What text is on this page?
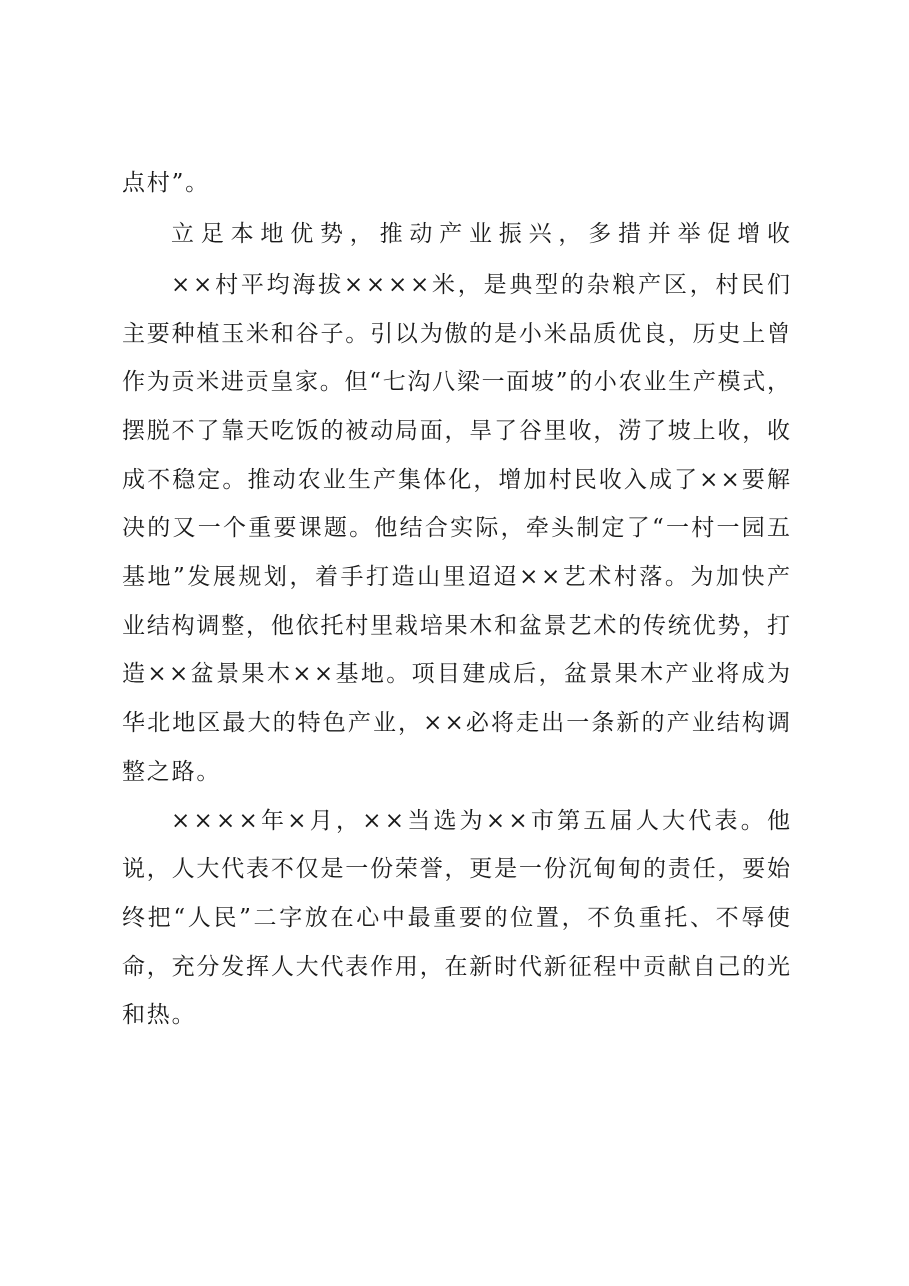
点村”。
立足本地优势，推动产业振兴，多措并举促增收
××村平均海拔××××米，是典型的杂粮产区，村民们
主要种植玉米和谷子。引以为傲的是小米品质优良，历史上曾
作为贡米进贡皇家。但“七沟八梁一面坡”的小农业生产模式，
摆脱不了靠天吃饭的被动局面，旱了谷里收，涝了坡上收，收
成不稳定。推动农业生产集体化，增加村民收入成了××要解
决的又一个重要课题。他结合实际，牵头制定了“一村一园五
基地”发展规划，着手打造山里迢迢××艺术村落。为加快产
业结构调整，他依托村里栽培果木和盆景艺术的传统优势，打
造××盆景果木××基地。项目建成后，盆景果木产业将成为
华北地区最大的特色产业，××必将走出一条新的产业结构调
整之路。
××××年×月，××当选为××市第五届人大代表。他
说，人大代表不仅是一份荣誉，更是一份沉甸甸的责任，要始
终把“人民”二字放在心中最重要的位置，不负重托、不辱使
命，充分发挥人大代表作用，在新时代新征程中贡献自己的光
和热。
